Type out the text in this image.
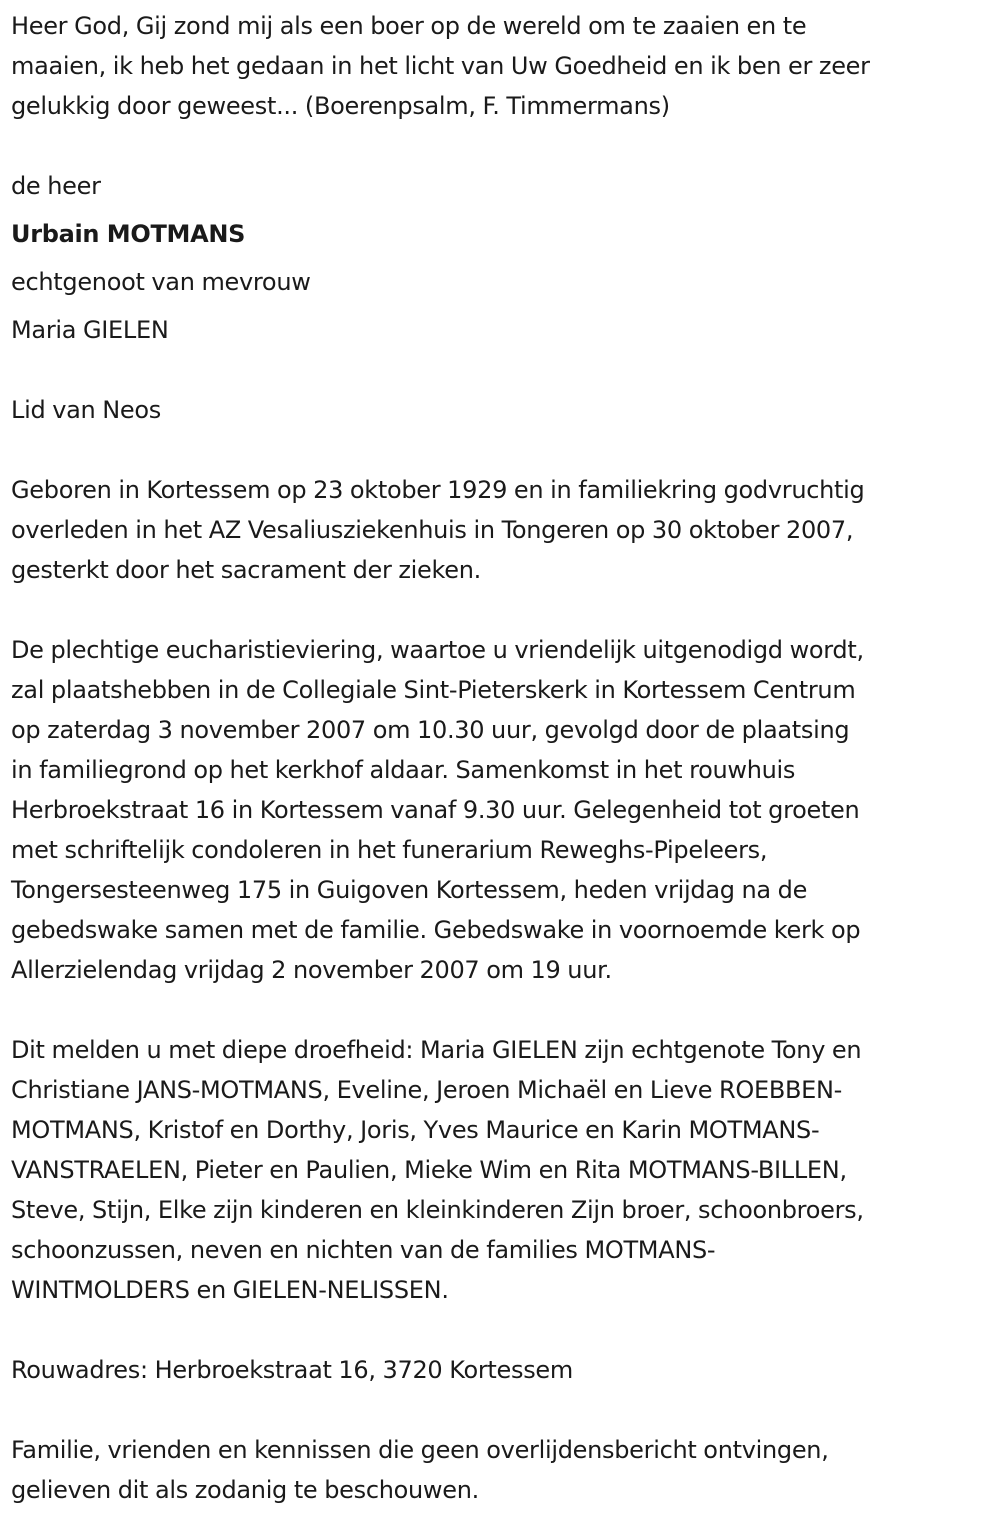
Heer God, Gij zond mij als een boer op de wereld om te zaaien en te
maaien, ik heb het gedaan in het licht van Uw Goedheid en ik ben er zeer
gelukkig door geweest... (Boerenpsalm, F. Timmermans)

de heer

Urbain MOTMANS

echtgenoot van mevrouw

Maria GIELEN

Lid van Neos

Geboren in Kortessem op 23 oktober 1929 en in familiekring godvruchtig
overleden in het AZ Vesaliusziekenhuis in Tongeren op 30 oktober 2007,
gesterkt door het sacrament der zieken.

De plechtige eucharistieviering, waartoe u vriendelijk uitgenodigd wordt,
zal plaatshebben in de Collegiale Sint-Pieterskerk in Kortessem Centrum
op zaterdag 3 november 2007 om 10.30 uur, gevolgd door de plaatsing
in familiegrond op het kerkhof aldaar. Samenkomst in het rouwhuis
Herbroekstraat 16 in Kortessem vanaf 9.30 uur. Gelegenheid tot groeten
met schriftelijk condoleren in het funerarium Reweghs-Pipeleers,
Tongersesteenweg 175 in Guigoven Kortessem, heden vrijdag na de
gebedswake samen met de familie. Gebedswake in voornoemde kerk op
Allerzielendag vrijdag 2 november 2007 om 19 uur.

Dit melden u met diepe droefheid: Maria GIELEN zijn echtgenote Tony en
Christiane JANS-MOTMANS, Eveline, Jeroen Michaël en Lieve ROEBBEN-
MOTMANS, Kristof en Dorthy, Joris, Yves Maurice en Karin MOTMANS-
VANSTRAELEN, Pieter en Paulien, Mieke Wim en Rita MOTMANS-BILLEN,
Steve, Stijn, Elke zijn kinderen en kleinkinderen Zijn broer, schoonbroers,
schoonzussen, neven en nichten van de families MOTMANS-
WINTMOLDERS en GIELEN-NELISSEN.

Rouwadres: Herbroekstraat 16, 3720 Kortessem

Familie, vrienden en kennissen die geen overlijdensbericht ontvingen,
gelieven dit als zodanig te beschouwen.
